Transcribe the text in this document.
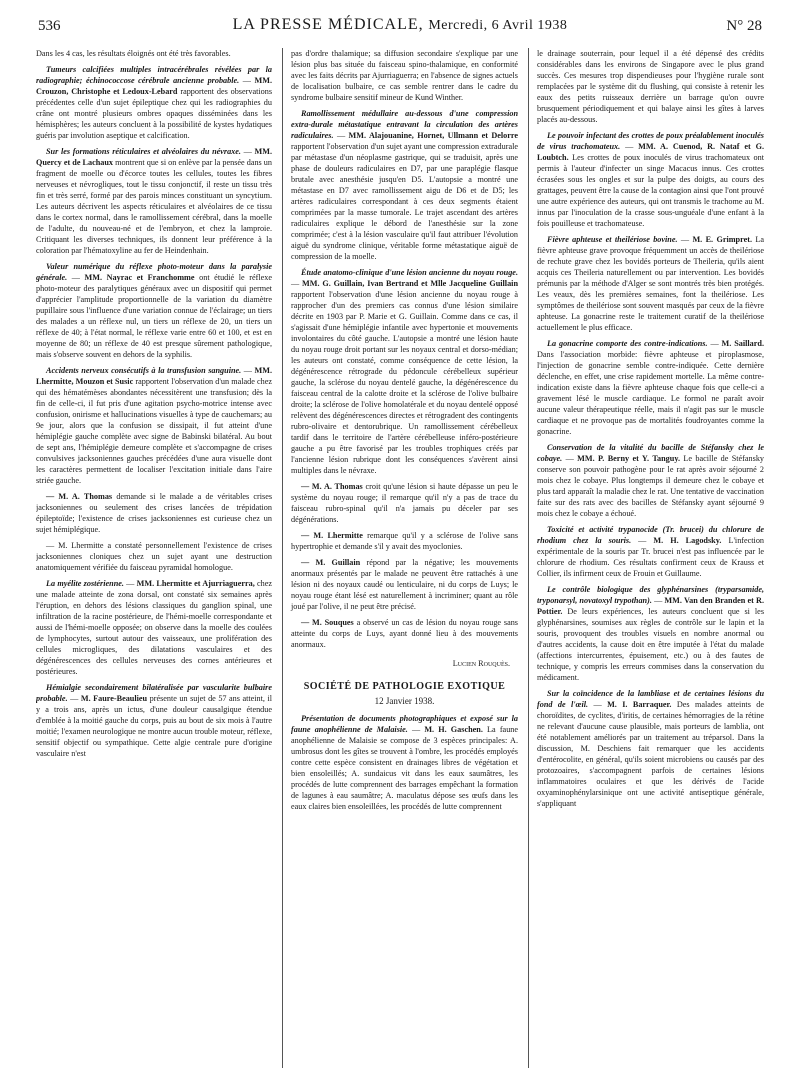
536	LA PRESSE MÉDICALE, Mercredi, 6 Avril 1938	N° 28

Dans les 4 cas, les résultats éloignés ont été très favorables.

Tumeurs calcifiées multiples intracérébrales révélées par la radiographie; échinococcose cérébrale ancienne probable. — MM. Crouzon, Christophe et Ledoux-Lebard rapportent des observations précédentes celle d'un sujet épileptique chez qui les radiographies du crâne ont montré plusieurs ombres opaques disséminées dans les hémisphères; les auteurs concluent à la possibilité de kystes hydatiques guéris par involution aseptique et calcification.

Sur les formations réticulaires et alvéolaires du névraxe. — MM. Quercy et de Lachaux montrent que si on enlève par la pensée dans un fragment de moelle ou d'écorce toutes les cellules, toutes les fibres nerveuses et névrogliques, tout le tissu conjonctif, il reste un tissu très fin et très serré, formé par des parois minces constituant un syncytium. Les auteurs décrivent les aspects réticulaires et alvéolaires de ce tissu dans le cortex normal, dans le ramollissement cérébral, dans la moelle de l'adulte, du nouveau-né et de l'embryon, et chez la lamproie. Critiquant les diverses techniques, ils donnent leur préférence à la coloration par l'hématoxyline au fer de Heindenhain.

Valeur numérique du réflexe photo-moteur dans la paralysie générale. — MM. Nayrac et Franchomme ont étudié le réflexe photo-moteur des paralytiques généraux avec un dispositif qui permet d'apprécier l'amplitude proportionnelle de la variation du diamètre pupillaire sous l'influence d'une variation connue de l'éclairage; un tiers des malades a un réflexe nul, un tiers un réflexe de 20, un tiers un réflexe de 40; à l'état normal, le réflexe varie entre 60 et 100, et est en moyenne de 80; un réflexe de 40 est presque sûrement pathologique, mais s'observe souvent en dehors de la syphilis.

Accidents nerveux consécutifs à la transfusion sanguine. — MM. Lhermitte, Mouzon et Susic rapportent l'observation d'un malade chez qui des hématémèses abondantes nécessitèrent une transfusion; dès la fin de celle-ci, il fut pris d'une agitation psycho-motrice intense avec confusion, onirisme et hallucinations visuelles à type de cauchemars; au 9e jour, alors que la confusion se dissipait, il fut atteint d'une hémiplégie gauche complète avec signe de Babinski bilatéral. Au bout de sept ans, l'hémiplégie demeure complète et s'accompagne de crises convulsives jacksoniennes gauches précédées d'une aura visuelle dont les caractères permettent de localiser l'excitation initiale dans l'aire striée gauche.

— M. A. Thomas demande si le malade a de véritables crises jacksoniennes ou seulement des crises lancées de trépidation épileptoïde; l'existence de crises jacksoniennes est curieuse chez un sujet hémiplégique.

— M. Lhermitte a constaté personnellement l'existence de crises jacksoniennes cloniques chez un sujet ayant une destruction anatomiquement vérifiée du faisceau pyramidal homologue.

La myélite zostérienne. — MM. Lhermitte et Ajurriaguerra, chez une malade atteinte de zona dorsal, ont constaté six semaines après l'éruption, en dehors des lésions classiques du ganglion spinal, une infiltration de la racine postérieure, de l'hémi-moelle correspondante et aussi de l'hémi-moelle opposée; on observe dans la moelle des coulées de lymphocytes, surtout autour des vaisseaux, une prolifération des cellules microgliques, des dilatations vasculaires et des dégénérescences des cellules nerveuses des cornes antérieures et postérieures.

Hémialgie secondairement bilatéralisée par vascularite bulbaire probable. — M. Faure-Beaulieu présente un sujet de 57 ans atteint, il y a trois ans, après un ictus, d'une douleur causalgique étendue d'emblée à la moitié gauche du corps, puis au bout de six mois à l'autre moitié; l'examen neurologique ne montre aucun trouble moteur, réflexe, sensitif objectif ou sympathique. Cette algie centrale pure d'origine vasculaire n'est

pas d'ordre thalamique; sa diffusion secondaire s'explique par une lésion plus bas située du faisceau spino-thalamique, en conformité avec les faits décrits par Ajurriaguerra; en l'absence de signes actuels de localisation bulbaire, ce cas semble rentrer dans le cadre du syndrome bulbaire sensitif mineur de Kund Winther.

Ramollissement médullaire au-dessous d'une compression extra-durale métastatique entravant la circulation des artères radiculaires. — MM. Alajouanine, Hornet, Ullmann et Delorre rapportent l'observation d'un sujet ayant une compression extradurale par métastase d'un néoplasme gastrique, qui se traduisit, après une phase de douleurs radiculaires en D7, par une paraplégie flasque brutale avec anesthésie jusqu'en D5. L'autopsie a montré une métastase en D7 avec ramollissement aigu de D6 et de D5; les artères radiculaires correspondant à ces deux segments étaient comprimées par la masse tumorale. Le trajet ascendant des artères radiculaires explique le débord de l'anesthésie sur la zone comprimée; c'est à la lésion vasculaire qu'il faut attribuer l'évolution aiguë du syndrome clinique, véritable forme métastatique aiguë de compression de la moelle.

Étude anatomo-clinique d'une lésion ancienne du noyau rouge. — MM. G. Guillain, Ivan Bertrand et Mlle Jacqueline Guillain rapportent l'observation d'une lésion ancienne du noyau rouge à rapprocher d'un des premiers cas connus d'une lésion similaire décrite en 1903 par P. Marie et G. Guillain. Comme dans ce cas, il s'agissait d'une hémiplégie infantile avec hypertonie et mouvements involontaires du côté gauche. L'autopsie a montré une lésion haute du noyau rouge droit portant sur les noyaux central et dorso-médian; les auteurs ont constaté, comme conséquence de cette lésion, la dégénérescence rétrograde du pédoncule cérébelleux supérieur gauche, la sclérose du noyau dentelé gauche, la dégénérescence du faisceau central de la calotte droite et la sclérose de l'olive bulbaire droite; la sclérose de l'olive homolatérale et du noyau dentelé opposé relèvent des dégénérescences directes et rétrogradent des contingents rubro-olivaire et dentorubrique. Un ramollissement cérébelleux tardif dans le territoire de l'artère cérébelleuse inféro-postérieure gauche a pu être favorisé par les troubles trophiques créés par l'ancienne lésion rubrique dont les conséquences s'avèrent ainsi multiples dans le névraxe.

— M. A. Thomas croit qu'une lésion si haute dépasse un peu le système du noyau rouge; il remarque qu'il n'y a pas de trace du faisceau rubro-spinal qu'il n'a jamais pu déceler par ses dégénérations.

— M. Lhermitte remarque qu'il y a sclérose de l'olive sans hypertrophie et demande s'il y avait des myoclonies.

— M. Guillain répond par la négative; les mouvements anormaux présentés par le malade ne peuvent être rattachés à une lésion ni des noyaux caudé ou lenticulaire, ni du corps de Luys; le noyau rouge étant lésé est naturellement à incriminer; quant au rôle joué par l'olive, il ne peut être précisé.

— M. Souques a observé un cas de lésion du noyau rouge sans atteinte du corps de Luys, ayant donné lieu à des mouvements anormaux.

Lucien Rouquès.
SOCIÉTÉ DE PATHOLOGIE EXOTIQUE
12 Janvier 1938.

Présentation de documents photographiques et exposé sur la faune anophélienne de Malaisie. — M. H. Gaschen. La faune anophélienne de Malaisie se compose de 3 espèces principales: A. umbrosus dont les gîtes se trouvent à l'ombre, les procédés employés contre cette espèce consistent en drainages libres de végétation et bien ensoleillés; A. sundaicus vit dans les eaux saumâtres, les procédés de lutte comprennent des barrages empêchant la formation de lagunes à eau saumâtre; A. maculatus dépose ses œufs dans les eaux claires bien ensoleillées, les procédés de lutte comprennent

le drainage souterrain, pour lequel il a été dépensé des crédits considérables dans les environs de Singapore avec le plus grand succès. Ces mesures trop dispendieuses pour l'hygiène rurale sont remplacées par le système dit du flushing, qui consiste à retenir les eaux des petits ruisseaux derrière un barrage qu'on ouvre brusquement périodiquement et qui balaye ainsi les gîtes à larves placés au-dessous.

Le pouvoir infectant des crottes de poux préalablement inoculés de virus trachomateux. — MM. A. Cuenod, R. Nataf et G. Loubtch. Les crottes de poux inoculés de virus trachomateux ont permis à l'auteur d'infecter un singe Macacus innus. Ces crottes écrasées sous les ongles et sur la pulpe des doigts, au cours des grattages, peuvent être la cause de la contagion ainsi que l'ont prouvé une autre expérience des auteurs, qui ont transmis le trachome au M. innus par l'inoculation de la crasse sous-unguéale d'une enfant à la fois pouilleuse et trachomateuse.

Fièvre aphteuse et theilériose bovine. — M. E. Grimpret. La fièvre aphteuse grave provoque fréquemment un accès de theilériose de rechute grave chez les bovidés porteurs de Theileria, qu'ils aient acquis ces Theileria naturellement ou par intervention. Les bovidés prémunis par la méthode d'Alger se sont montrés très bien protégés. Les veaux, dès les premières semaines, font la theilériose. Les symptômes de theilériose sont souvent masqués par ceux de la fièvre aphteuse. La gonacrine reste le traitement curatif de la theilériose actuellement le plus efficace.

La gonacrine comporte des contre-indications. — M. Saillard. Dans l'association morbide: fièvre aphteuse et piroplasmose, l'injection de gonacrine semble contre-indiquée. Cette dernière déclenche, en effet, une crise rapidement mortelle. La même contre-indication existe dans la fièvre aphteuse chaque fois que celle-ci a gravement lésé le muscle cardiaque. Le formol ne paraît avoir aucune valeur thérapeutique réelle, mais il n'agit pas sur le muscle cardiaque et ne provoque pas de mortalités foudroyantes comme la gonacrine.

Conservation de la vitalité du bacille de Stéfansky chez le cobaye. — MM. P. Berny et Y. Tanguy. Le bacille de Stéfansky conserve son pouvoir pathogène pour le rat après avoir séjourné 2 mois chez le cobaye. Plus longtemps il demeure chez le cobaye et plus tard apparaît la maladie chez le rat. Une tentative de vaccination faite sur des rats avec des bacilles de Stéfansky ayant séjourné 9 mois chez le cobaye a échoué.

Toxicité et activité trypanocide (Tr. brucei) du chlorure de rhodium chez la souris. — M. H. Lagodsky. L'infection expérimentale de la souris par Tr. brucei n'est pas influencée par le chlorure de rhodium. Ces résultats confirment ceux de Krauss et Collier, ils infirment ceux de Frouin et Guillaume.

Le contrôle biologique des glyphénarsines (tryparsamide, tryponarsyl, novatoxyl trypothan). — MM. Van den Branden et R. Pottier. De leurs expériences, les auteurs concluent que si les glyphénarsines, soumises aux règles de contrôle sur le lapin et la souris, provoquent des troubles visuels en nombre anormal ou d'autres accidents, la cause doit en être imputée à l'état du malade (affections intercurrentes, épuisement, etc.) ou à des fautes de technique, y compris les erreurs commises dans la conservation du médicament.

Sur la coïncidence de la lambliase et de certaines lésions du fond de l'œil. — M. I. Barraquer. Des malades atteints de choroïdites, de cyclites, d'iritis, de certaines hémorragies de la rétine ne relevant d'aucune cause plausible, mais porteurs de lamblia, ont été notablement améliorés par un traitement au tréparsol. Dans la discussion, M. Deschiens fait remarquer que les accidents d'entérocolite, en général, qu'ils soient microbiens ou causés par des protozoaires, s'accompagnent parfois de certaines lésions inflammatoires oculaires et que les dérivés de l'acide oxyaminophénylarsinique ont une activité antiseptique générale, s'appliquant
